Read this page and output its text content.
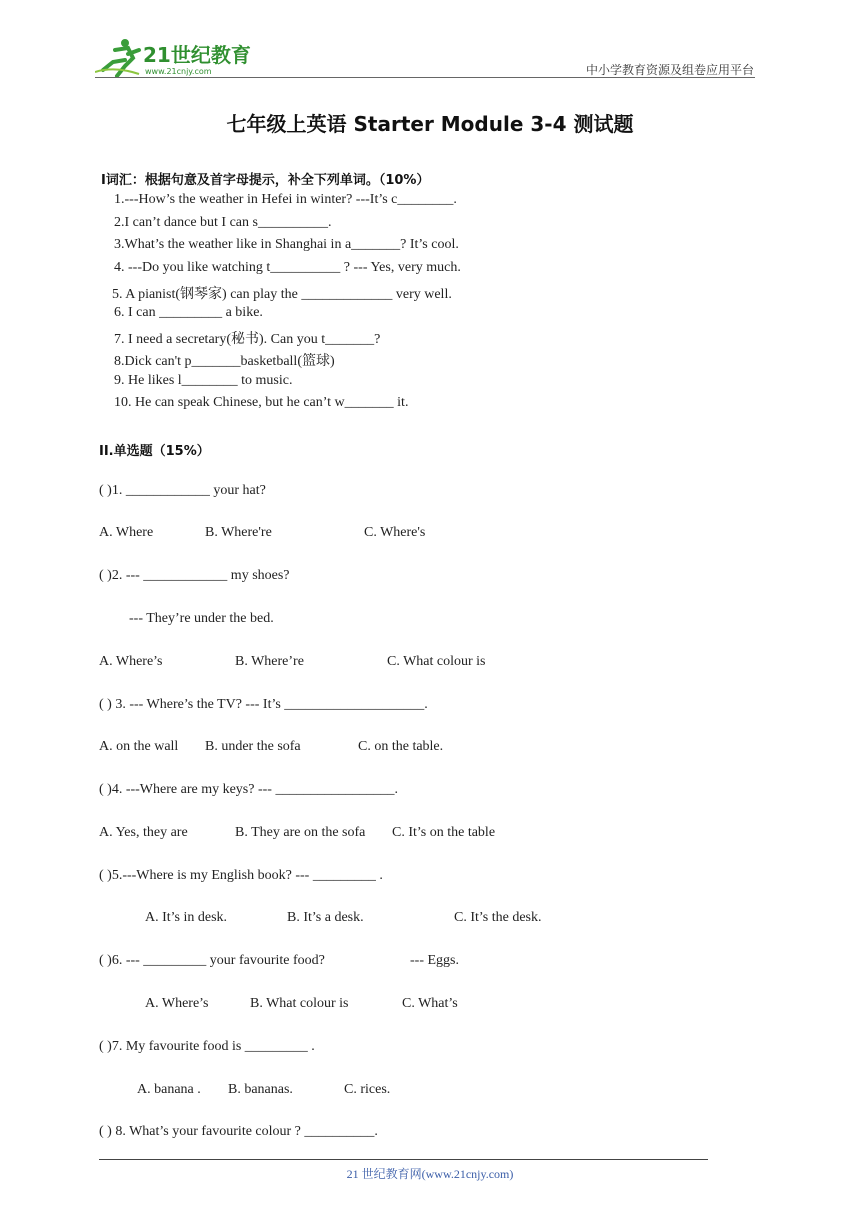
21世纪教育
www.21cnjy.com	中小学教育资源及组卷应用平台
七年级上英语 Starter Module 3-4 测试题
Ⅰ词汇：根据句意及首字母提示，补全下列单词。（10%）
1.---How’s the weather in Hefei in winter? ---It’s c________.
2.I can’t dance but I can s__________.
3.What’s the weather like in Shanghai in a_______? It’s cool.
4. ---Do you like watching t__________ ? --- Yes, very much.
5. A pianist(钢琴家) can play the _____________ very well.
6. I can _________ a bike.
7. I need a secretary(秘书). Can you t_______?
8.Dick can't p_______basketball(篮球)
9. He likes l________ to music.
10. He can speak Chinese, but he can’t w_______ it.
II.单选题（15%）
( )1. ____________ your hat?
A. Where	B. Where're	C. Where's
( )2. --- ____________ my shoes?
--- They’re under the bed.
A. Where’s	B. Where’re	C. What colour is
( ) 3. --- Where’s the TV? --- It’s ____________________.
A. on the wall B. under the sofa	C. on the table.
( )4. ---Where are my keys? --- _________________.
A. Yes, they are	B. They are on the sofa C. It’s on the table
( )5.---Where is my English book? --- _________ .
A. It’s in desk.	B. It’s a desk.	C. It’s the desk.
( )6. --- _________ your favourite food?	--- Eggs.
A. Where’s	B. What colour is	C. What’s
( )7. My favourite food is _________ .
A. banana . B. bananas.	C. rices.
( ) 8. What’s your favourite colour ? __________.
21 世纪教育网(www.21cnjy.com)
